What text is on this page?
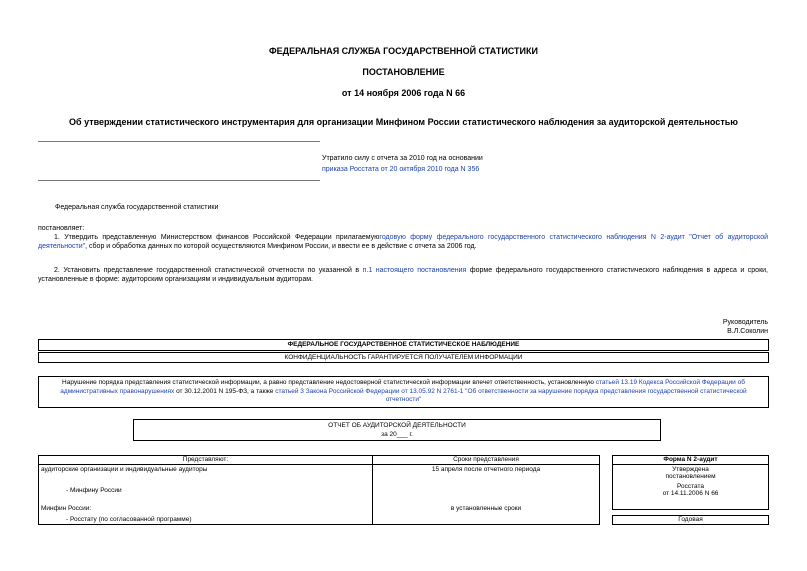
ФЕДЕРАЛЬНАЯ СЛУЖБА ГОСУДАРСТВЕННОЙ СТАТИСТИКИ
ПОСТАНОВЛЕНИЕ
от 14 ноября 2006 года N 66
Об утверждении статистического инструментария для организации Минфином России статистического наблюдения за аудиторской деятельностью
Утратило силу с отчета за 2010 год на основании
приказа Росстата от 20 октября 2010 года N 356
Федеральная служба государственной статистики
постановляет:
1. Утвердить представленную Министерством финансов Российской Федерации прилагаемуюгодовую форму федерального государственного статистического наблюдения N 2-аудит "Отчет об аудиторской деятельности", сбор и обработка данных по которой осуществляются Минфином России, и ввести ее в действие с отчета за 2006 год.
2. Установить представление государственной статистической отчетности по указанной в п.1 настоящего постановления форме федерального государственного статистического наблюдения в адреса и сроки, установленные в форме: аудиторским организациям и индивидуальным аудиторам.
Руководитель
В.Л.Соколин
ФЕДЕРАЛЬНОЕ ГОСУДАРСТВЕННОЕ СТАТИСТИЧЕСКОЕ НАБЛЮДЕНИЕ
КОНФИДЕНЦИАЛЬНОСТЬ ГАРАНТИРУЕТСЯ ПОЛУЧАТЕЛЕМ ИНФОРМАЦИИ
Нарушение порядка представления статистической информации, а равно представление недостоверной статистической информации влечет ответственность, установленную статьей 13.19 Кодекса Российской Федерации об административных правонарушениях от 30.12.2001 N 195-ФЗ, а также статьей 3 Закона Российской Федерации от 13.05.92 N 2761-1 "Об ответственности за нарушение порядка представления государственной статистической отчетности"
ОТЧЕТ ОБ АУДИТОРСКОЙ ДЕЯТЕЛЬНОСТИ
за 20___ г.
Представляют:	Сроки представления	Форма N 2-аудит
аудиторские организации и индивидуальные аудиторы
- Минфину России
Минфин России:
- Росстату (по согласованной программе)
15 апреля после отчетного периода
в установленные сроки
Утверждена
постановлением
Росстата
от 14.11.2006 N 66
Годовая
